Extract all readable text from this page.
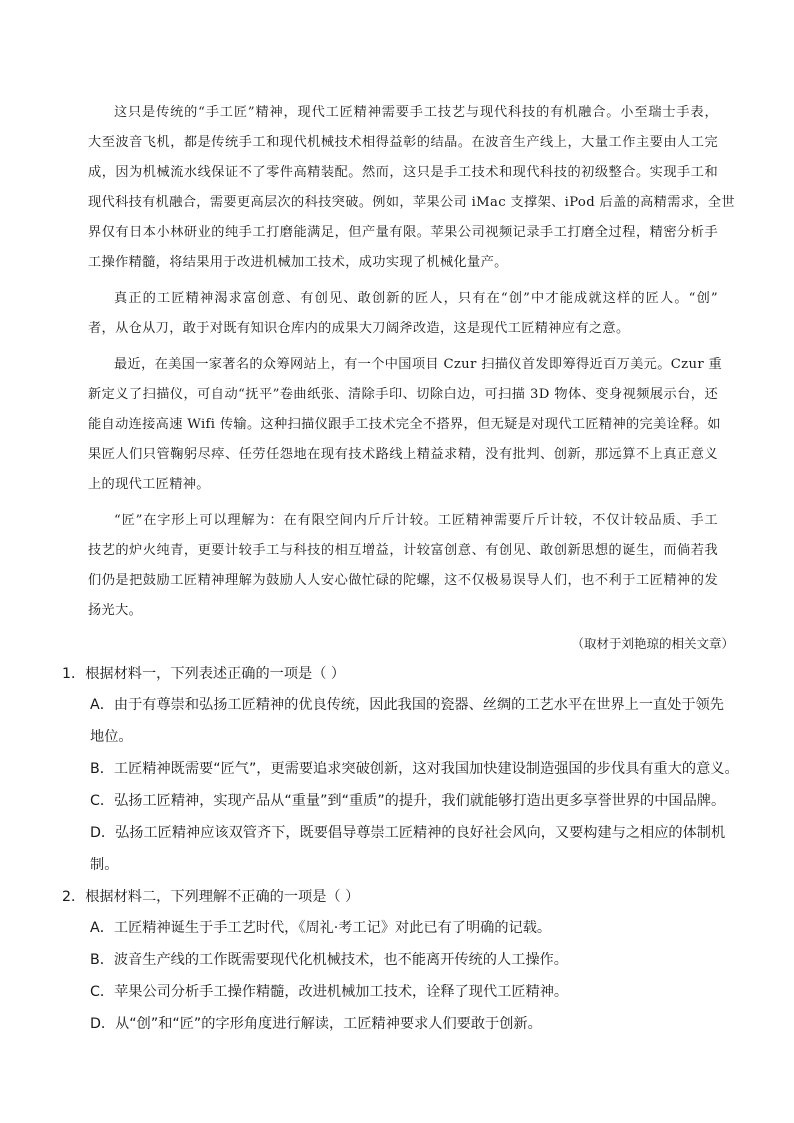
这只是传统的“手工匠”精神，现代工匠精神需要手工技艺与现代科技的有机融合。小至瑞士手表，
大至波音飞机，都是传统手工和现代机械技术相得益彰的结晶。在波音生产线上，大量工作主要由人工完
成，因为机械流水线保证不了零件高精装配。然而，这只是手工技术和现代科技的初级整合。实现手工和
现代科技有机融合，需要更高层次的科技突破。例如，苹果公司 iMac 支撑架、iPod 后盖的高精需求，全世
界仅有日本小林研业的纯手工打磨能满足，但产量有限。苹果公司视频记录手工打磨全过程，精密分析手
工操作精髓，将结果用于改进机械加工技术，成功实现了机械化量产。
真正的工匠精神渴求富创意、有创见、敢创新的匠人，只有在“创”中才能成就这样的匠人。“创”
者，从仓从刀，敢于对既有知识仓库内的成果大刀阔斧改造，这是现代工匠精神应有之意。
最近，在美国一家著名的众筹网站上，有一个中国项目 Czur 扫描仪首发即筹得近百万美元。Czur 重
新定义了扫描仪，可自动“抚平”卷曲纸张、清除手印、切除白边，可扫描 3D 物体、变身视频展示台，还
能自动连接高速 Wifi 传输。这种扫描仪跟手工技术完全不搭界，但无疑是对现代工匠精神的完美诠释。如
果匠人们只管鞠躬尽瘁、任劳任怨地在现有技术路线上精益求精，没有批判、创新，那远算不上真正意义
上的现代工匠精神。
“匠”在字形上可以理解为：在有限空间内斤斤计较。工匠精神需要斤斤计较，不仅计较品质、手工
技艺的炉火纯青，更要计较手工与科技的相互增益，计较富创意、有创见、敢创新思想的诞生，而倘若我
们仍是把鼓励工匠精神理解为鼓励人人安心做忙碌的陀螺，这不仅极易误导人们，也不利于工匠精神的发
扬光大。
（取材于刘艳琼的相关文章）
1．根据材料一，下列表述正确的一项是（ ）
A．由于有尊崇和弘扬工匠精神的优良传统，因此我国的瓷器、丝绸的工艺水平在世界上一直处于领先
地位。
B．工匠精神既需要“匠气”，更需要追求突破创新，这对我国加快建设制造强国的步伐具有重大的意义。
C．弘扬工匠精神，实现产品从“重量”到“重质”的提升，我们就能够打造出更多享誉世界的中国品牌。
D．弘扬工匠精神应该双管齐下，既要倡导尊崇工匠精神的良好社会风向，又要构建与之相应的体制机
制。
2．根据材料二，下列理解不正确的一项是（ ）
A．工匠精神诞生于手工艺时代，《周礼·考工记》对此已有了明确的记载。
B．波音生产线的工作既需要现代化机械技术，也不能离开传统的人工操作。
C．苹果公司分析手工操作精髓，改进机械加工技术，诠释了现代工匠精神。
D．从“创”和“匠”的字形角度进行解读，工匠精神要求人们要敢于创新。
